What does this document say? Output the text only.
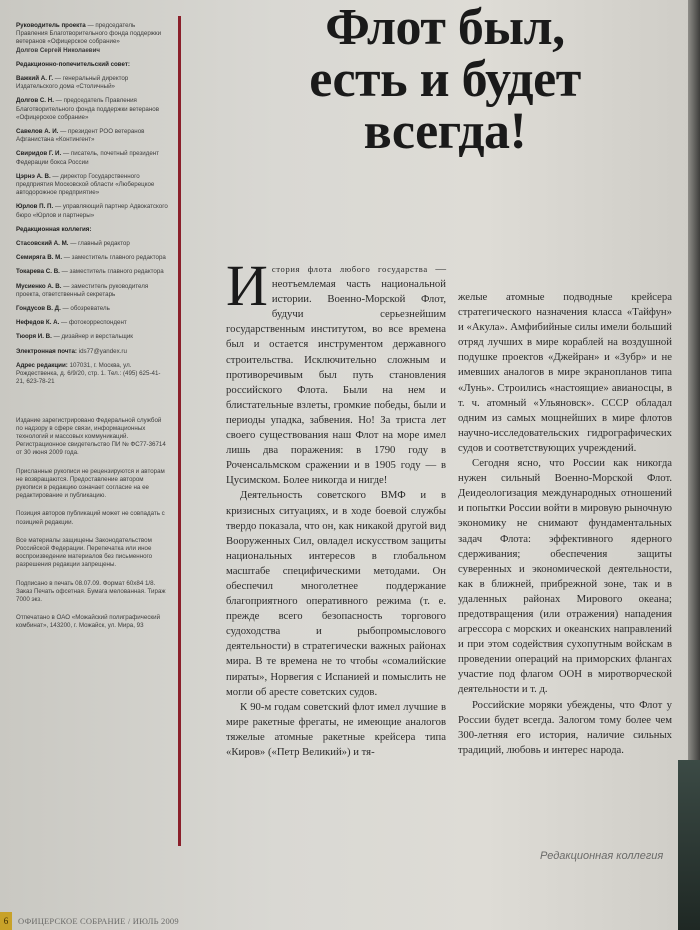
Руководитель проекта — председатель Правления Благотворительного фонда поддержки ветеранов «Офицерское собрание»
Долгов Сергей Николаевич
Редакционно-попечительский совет:
Важкий А. Г. — генеральный директор Издательского дома «Столичный»
Долгов С. Н. — председатель Правления Благотворительного фонда поддержки ветеранов «Офицерское собрание»
Савелов А. И. — президент РОО ветеранов Афганистана «Контингент»
Свиридов Г. И. — писатель, почетный президент Федерации бокса России
Цэрнэ А. В. — директор Государственного предприятия Московской области «Люберецкое автодорожное предприятие»
Юрлов П. П. — управляющий партнер Адвокатского бюро «Юрлов и партнеры»
Редакционная коллегия:
Стасовский А. М. — главный редактор
Семиряга В. М. — заместитель главного редактора
Токарева С. В. — заместитель главного редактора
Мусиенко А. В. — заместитель руководителя проекта, ответственный секретарь
Гондусов В. Д. — обозреватель
Нефедов К. А. — фотокорреспондент
Тюоря И. В. — дизайнер и верстальщик
Электронная почта: ids77@yandex.ru
Адрес редакции: 107031, г. Москва, ул. Рождественка, д. 6/9/20, стр. 1. Тел.: (495) 625-41-21, 623-78-21
Издание зарегистрировано Федеральной службой по надзору в сфере связи, информационных технологий и массовых коммуникаций. Регистрационное свидетельство ПИ № ФС77-36714 от 30 июня 2009 года.
Присланные рукописи не рецензируются и авторам не возвращаются. Предоставление автором рукописи в редакцию означает согласие на ее редактирование и публикацию.
Позиция авторов публикаций может не совпадать с позицией редакции.
Все материалы защищены Законодательством Российской Федерации. Перепечатка или иное воспроизведение материалов без письменного разрешения редакции запрещены.
Подписано в печать 08.07.09. Формат 60х84 1/8. Заказ Печать офсетная. Бумага мелованная. Тираж 7000 экз.
Отпечатано в ОАО «Можайский полиграфический комбинат», 143200, г. Можайск, ул. Мира, 93
Флот был, есть и будет всегда!

История флота любого государства — неотъемлемая часть национальной истории. Военно-Морской Флот, будучи серьезнейшим государственным институтом, во все времена был и остается инструментом державного строительства. Исключительно сложным и противоречивым был путь становления российского Флота. Были на нем и блистательные взлеты, громкие победы, были и периоды упадка, забвения. Но! За триста лет своего существования наш Флот на море имел лишь два поражения: в 1790 году в Роченсальмском сражении и в 1905 году — в Цусимском. Более никогда и нигде!

Деятельность советского ВМФ и в кризисных ситуациях, и в ходе боевой службы твердо показала, что он, как никакой другой вид Вооруженных Сил, овладел искусством защиты национальных интересов в глобальном масштабе специфическими методами. Он обеспечил многолетнее поддержание благоприятного оперативного режима (т. е. прежде всего безопасность торгового судоходства и рыбопромыслового деятельности) в стратегически важных районах мира. В те времена не то чтобы «сомалийские пираты», Норвегия с Испанией и помыслить не могли об аресте советских судов.

К 90-м годам советский флот имел лучшие в мире ракетные фрегаты, не имеющие аналогов тяжелые атомные ракетные крейсера типа «Киров» («Петр Великий») и тя-

желые атомные подводные крейсера стратегического назначения класса «Тайфун» и «Акула». Амфибийные силы имели больший отряд лучших в мире кораблей на воздушной подушке проектов «Джейран» и «Зубр» и не имевших аналогов в мире экранопланов типа «Лунь». Строились «настоящие» авианосцы, в т. ч. атомный «Ульяновск». СССР обладал одним из самых мощнейших в мире флотов научно-исследовательских гидрографических судов и соответствующих учреждений.

Сегодня ясно, что России как никогда нужен сильный Военно-Морской Флот. Деидеологизация международных отношений и попытки России войти в мировую рыночную экономику не снимают фундаментальных задач Флота: эффективного ядерного сдерживания; обеспечения защиты суверенных и экономической деятельности, как в ближней, прибрежной зоне, так и в удаленных районах Мирового океана; предотвращения (или отражения) нападения агрессора с морских и океанских направлений и при этом содействия сухопутным войскам в проведении операций на приморских флангах участие под флагом ООН в миротворческой деятельности и т. д.

Российские моряки убеждены, что Флот у России будет всегда. Залогом тому более чем 300-летняя его история, наличие сильных традиций, любовь и интерес народа.

Редакционная коллегия
6	ОФИЦЕРСКОЕ СОБРАНИЕ / ИЮЛЬ 2009
